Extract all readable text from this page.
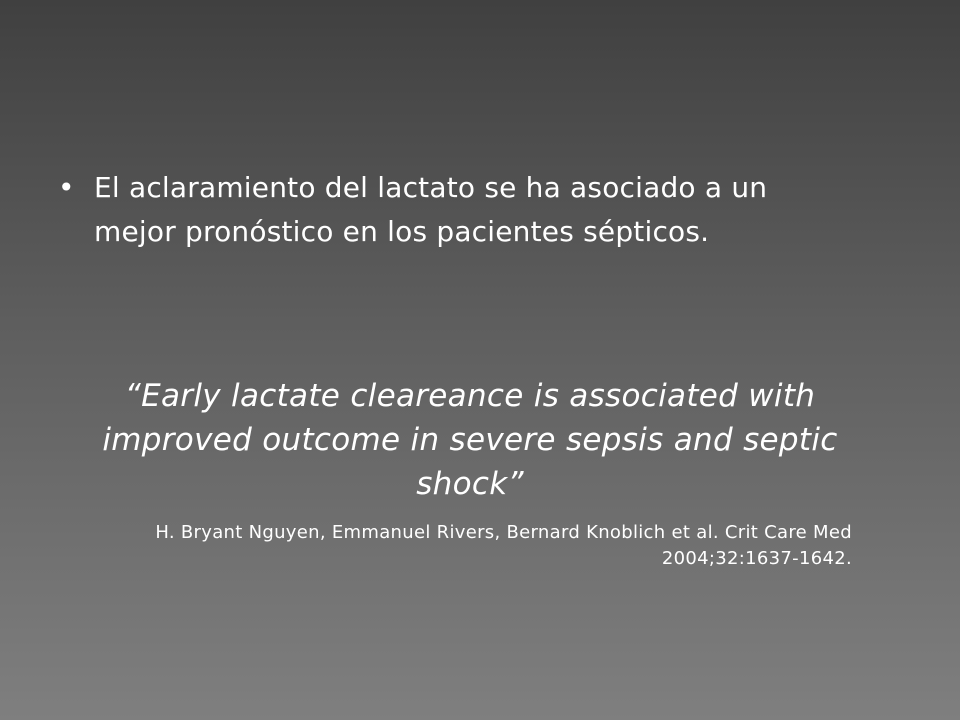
• El aclaramiento del lactato se ha asociado a un mejor pronóstico en los pacientes sépticos.
“Early lactate cleareance is associated with improved outcome in severe sepsis and septic shock”
H. Bryant Nguyen, Emmanuel Rivers, Bernard Knoblich et al. Crit Care Med 2004;32:1637-1642.
